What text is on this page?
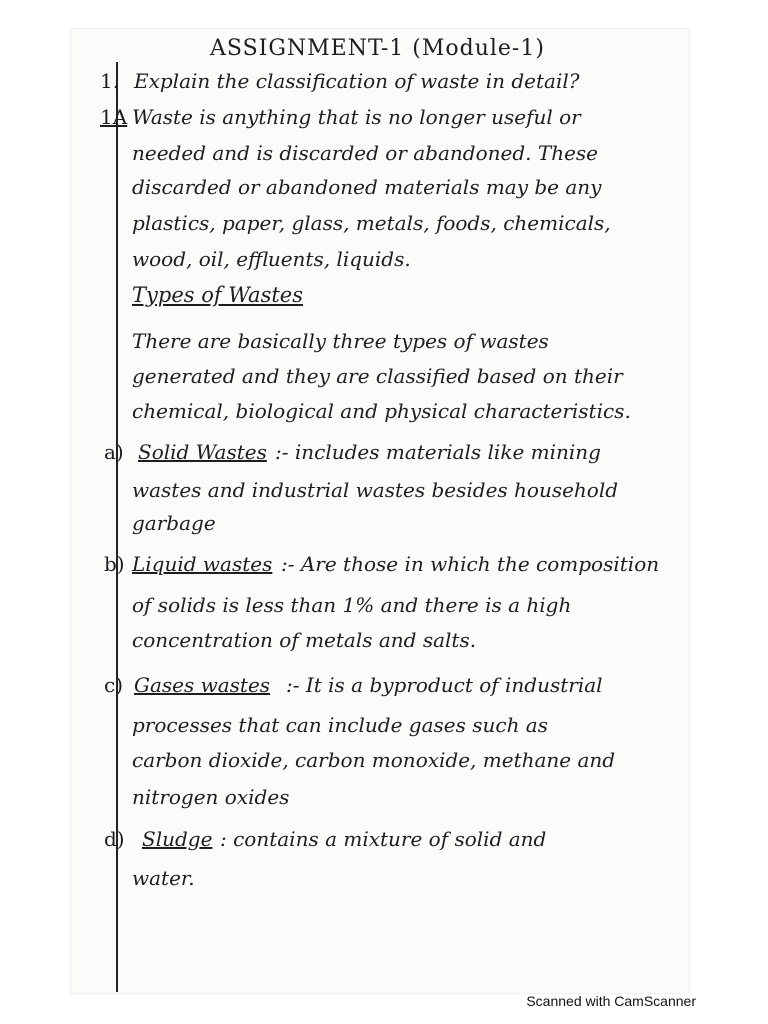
ASSIGNMENT-1 (Module-1)
1. Explain the classification of waste in detail?
1A Waste is anything that is no longer useful or
needed and is discarded or abandoned. These
discarded or abandoned materials may be any
plastics, paper, glass, metals, foods, chemicals,
wood, oil, effluents, liquids.
Types of Wastes
There are basically three types of wastes
generated and they are classified based on their
chemical, biological and physical characteristics.
a) Solid Wastes :- includes materials like mining
wastes and industrial wastes besides household
garbage
b) Liquid wastes :- Are those in which the composition
of solids is less than 1% and there is a high
concentration of metals and salts.
c) Gases wastes :- It is a byproduct of industrial
processes that can include gases such as
carbon dioxide, carbon monoxide, methane and
nitrogen oxides
d) Sludge : contains a mixture of solid and
water.
Scanned with CamScanner
